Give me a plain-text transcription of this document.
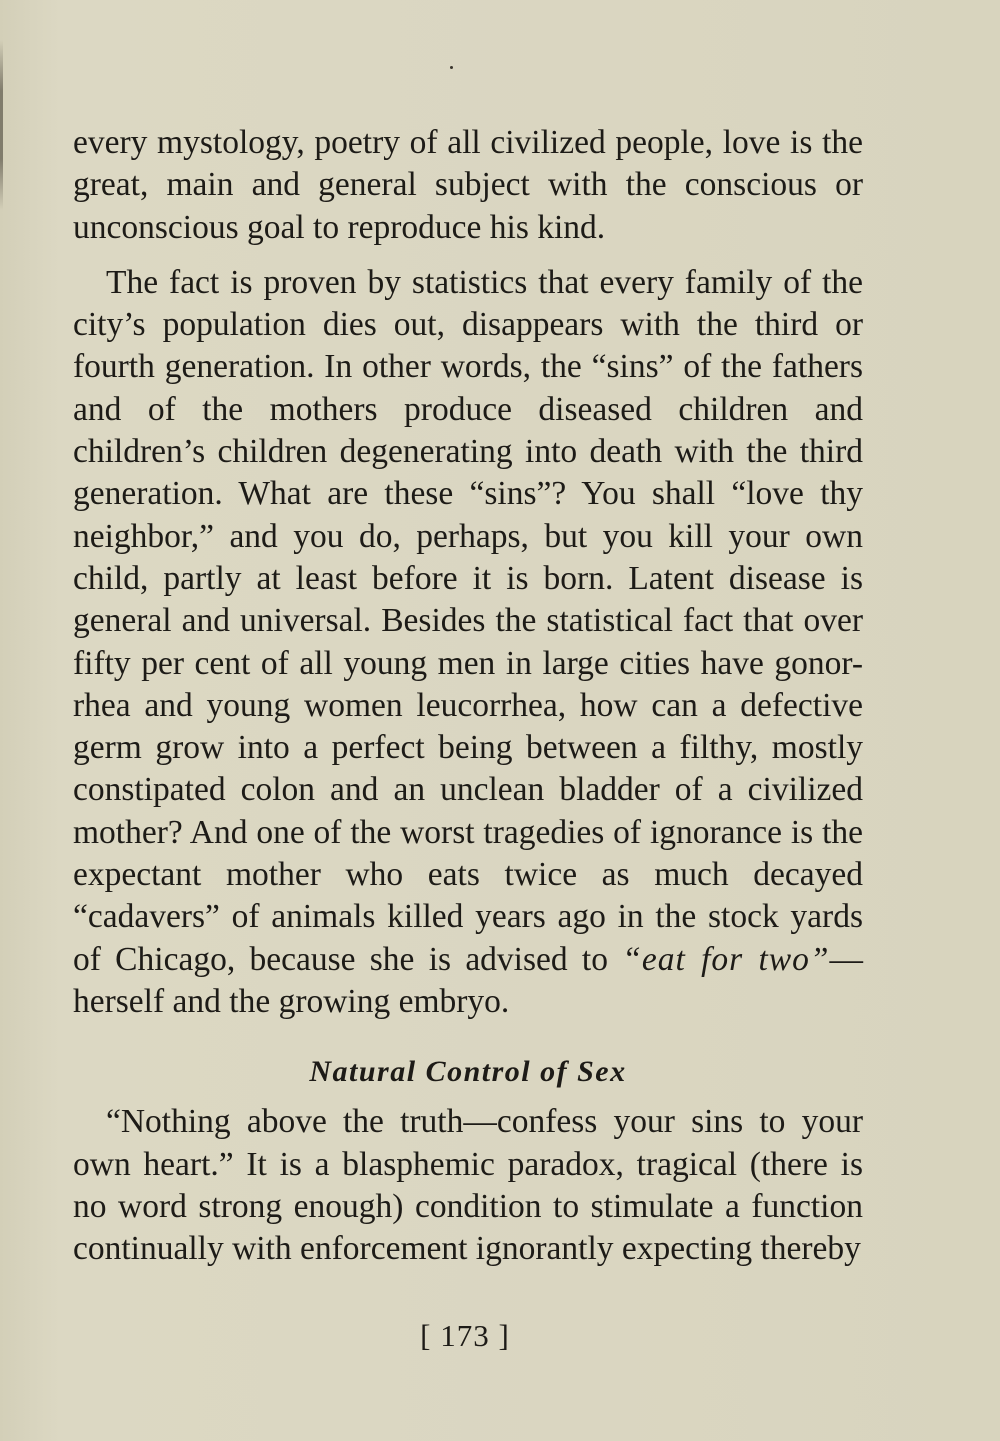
every mystology, poetry of all civilized people, love is the great, main and general subject with the conscious or unconscious goal to reproduce his kind.

The fact is proven by statistics that every family of the city’s population dies out, disappears with the third or fourth generation. In other words, the “sins” of the fathers and of the mothers produce diseased children and children’s children degenerating into death with the third generation. What are these “sins”? You shall “love thy neighbor,” and you do, perhaps, but you kill your own child, partly at least before it is born. Latent disease is general and universal. Besides the statistical fact that over fifty per cent of all young men in large cities have gonor-rhea and young women leucorrhea, how can a defective germ grow into a perfect being between a filthy, mostly constipated colon and an unclean bladder of a civilized mother? And one of the worst tragedies of ignorance is the expectant mother who eats twice as much decayed “cadavers” of animals killed years ago in the stock yards of Chicago, because she is advised to “eat for two”— herself and the growing embryo.

Natural Control of Sex

“Nothing above the truth—confess your sins to your own heart.” It is a blasphemic paradox, tragical (there is no word strong enough) condition to stimulate a function continually with enforcement ignorantly expecting thereby

[ 173 ]
